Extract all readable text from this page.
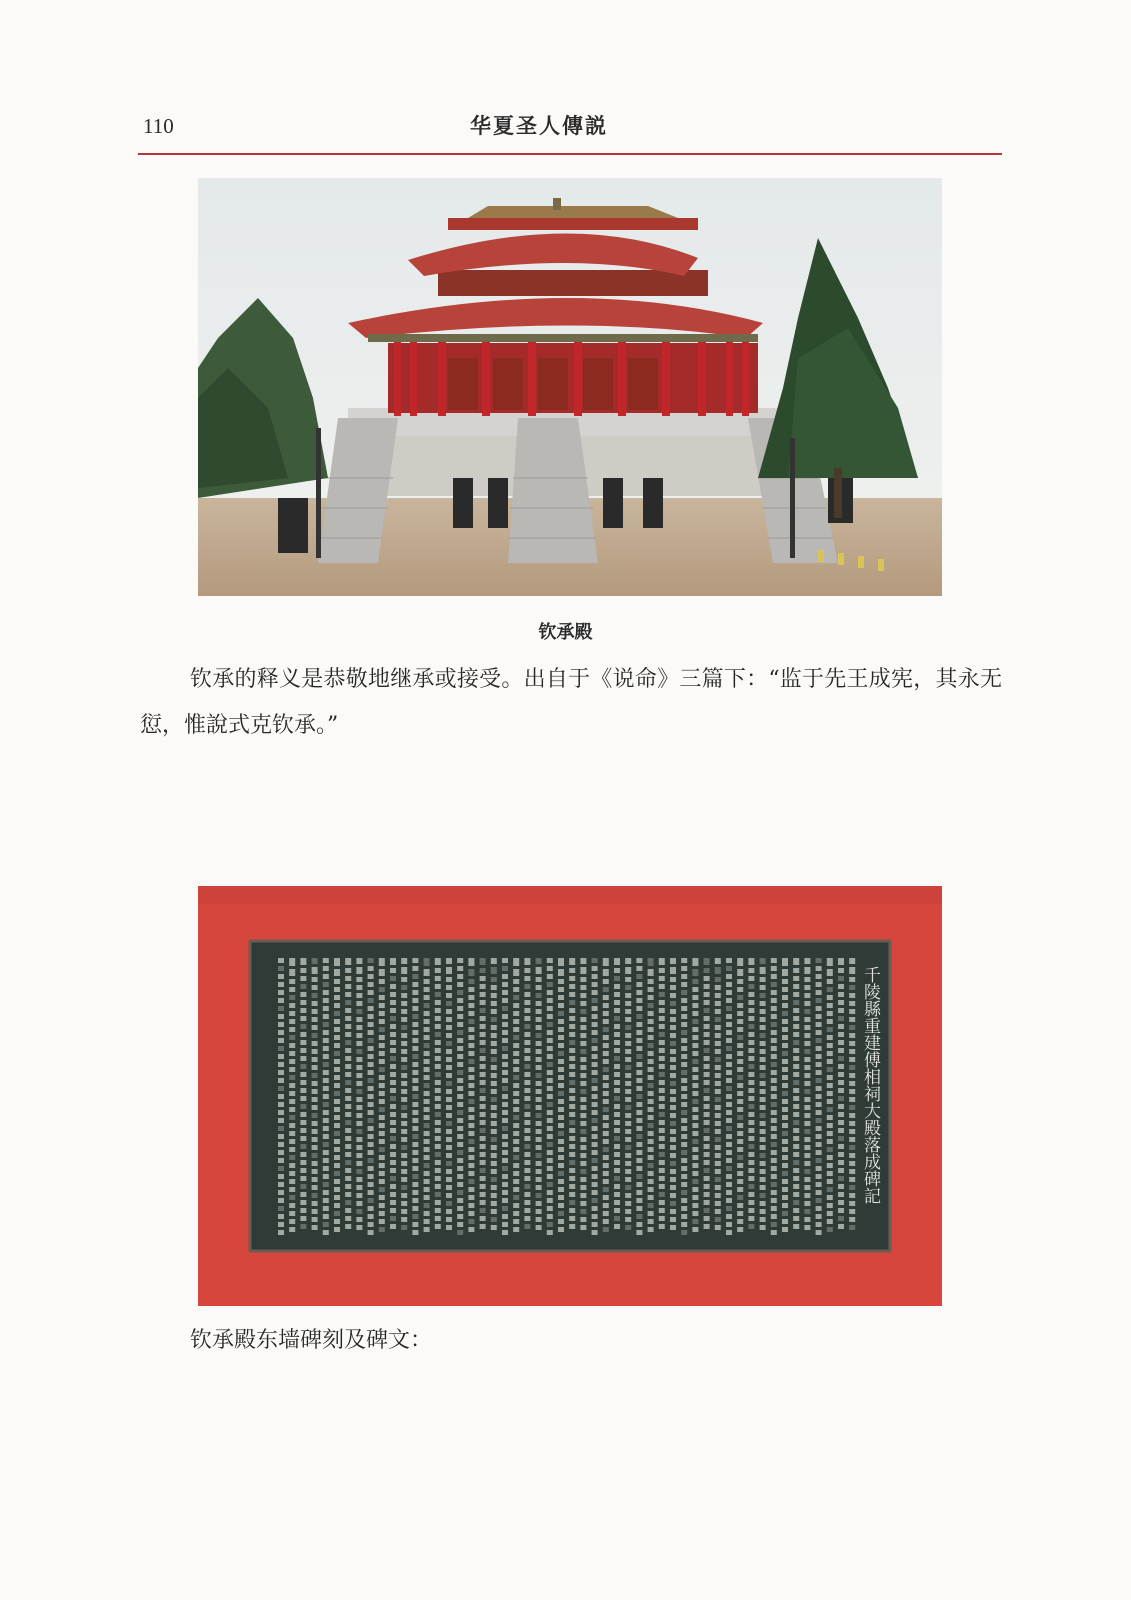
110	华夏圣人傳説
钦承殿
钦承的释义是恭敬地继承或接受。出自于《说命》三篇下：“监于先王成宪，其永无愆，惟說式克钦承。”
千陵縣重建傅相祠大殿落成碑記
钦承殿东墙碑刻及碑文：
